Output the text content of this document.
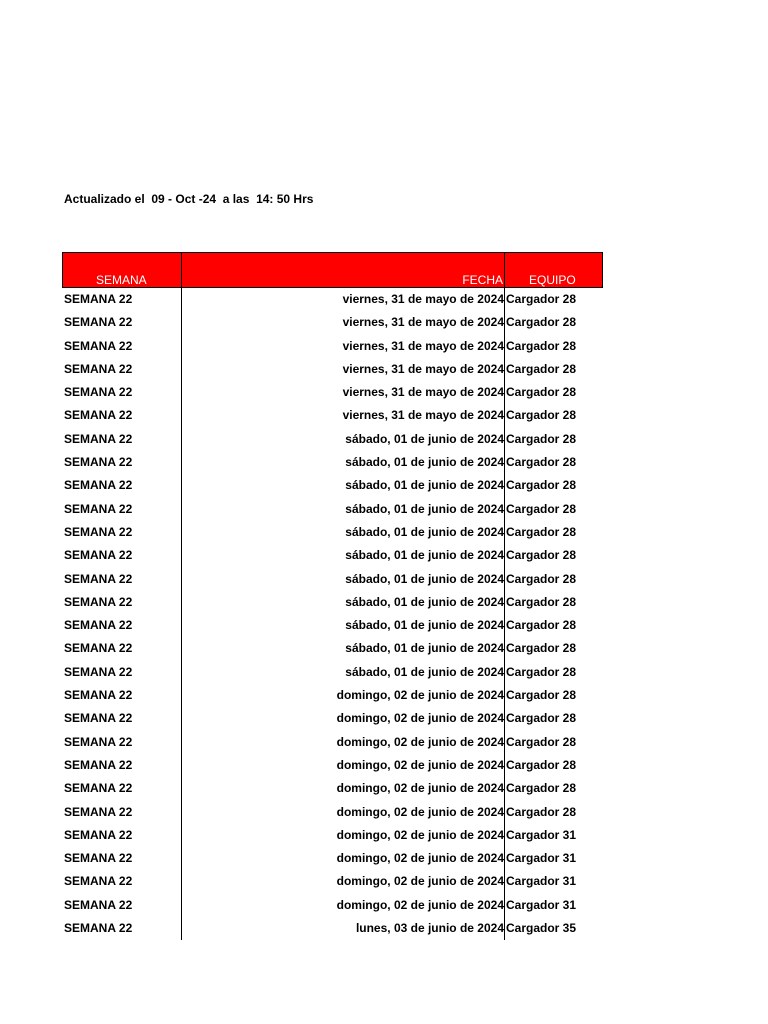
Actualizado el  09 - Oct -24  a las  14: 50 Hrs
SEMANA	FECHA EQUIPO
SEMANA 22	viernes, 31 de mayo de 2024 Cargador 28
SEMANA 22	viernes, 31 de mayo de 2024 Cargador 28
SEMANA 22	viernes, 31 de mayo de 2024 Cargador 28
SEMANA 22	viernes, 31 de mayo de 2024 Cargador 28
SEMANA 22	viernes, 31 de mayo de 2024 Cargador 28
SEMANA 22	viernes, 31 de mayo de 2024 Cargador 28
SEMANA 22	sábado, 01 de junio de 2024 Cargador 28
SEMANA 22	sábado, 01 de junio de 2024 Cargador 28
SEMANA 22	sábado, 01 de junio de 2024 Cargador 28
SEMANA 22	sábado, 01 de junio de 2024 Cargador 28
SEMANA 22	sábado, 01 de junio de 2024 Cargador 28
SEMANA 22	sábado, 01 de junio de 2024 Cargador 28
SEMANA 22	sábado, 01 de junio de 2024 Cargador 28
SEMANA 22	sábado, 01 de junio de 2024 Cargador 28
SEMANA 22	sábado, 01 de junio de 2024 Cargador 28
SEMANA 22	sábado, 01 de junio de 2024 Cargador 28
SEMANA 22	sábado, 01 de junio de 2024 Cargador 28
SEMANA 22	domingo, 02 de junio de 2024 Cargador 28
SEMANA 22	domingo, 02 de junio de 2024 Cargador 28
SEMANA 22	domingo, 02 de junio de 2024 Cargador 28
SEMANA 22	domingo, 02 de junio de 2024 Cargador 28
SEMANA 22	domingo, 02 de junio de 2024 Cargador 28
SEMANA 22	domingo, 02 de junio de 2024 Cargador 28
SEMANA 22	domingo, 02 de junio de 2024 Cargador 31
SEMANA 22	domingo, 02 de junio de 2024 Cargador 31
SEMANA 22	domingo, 02 de junio de 2024 Cargador 31
SEMANA 22	domingo, 02 de junio de 2024 Cargador 31
SEMANA 22	lunes, 03 de junio de 2024 Cargador 35
